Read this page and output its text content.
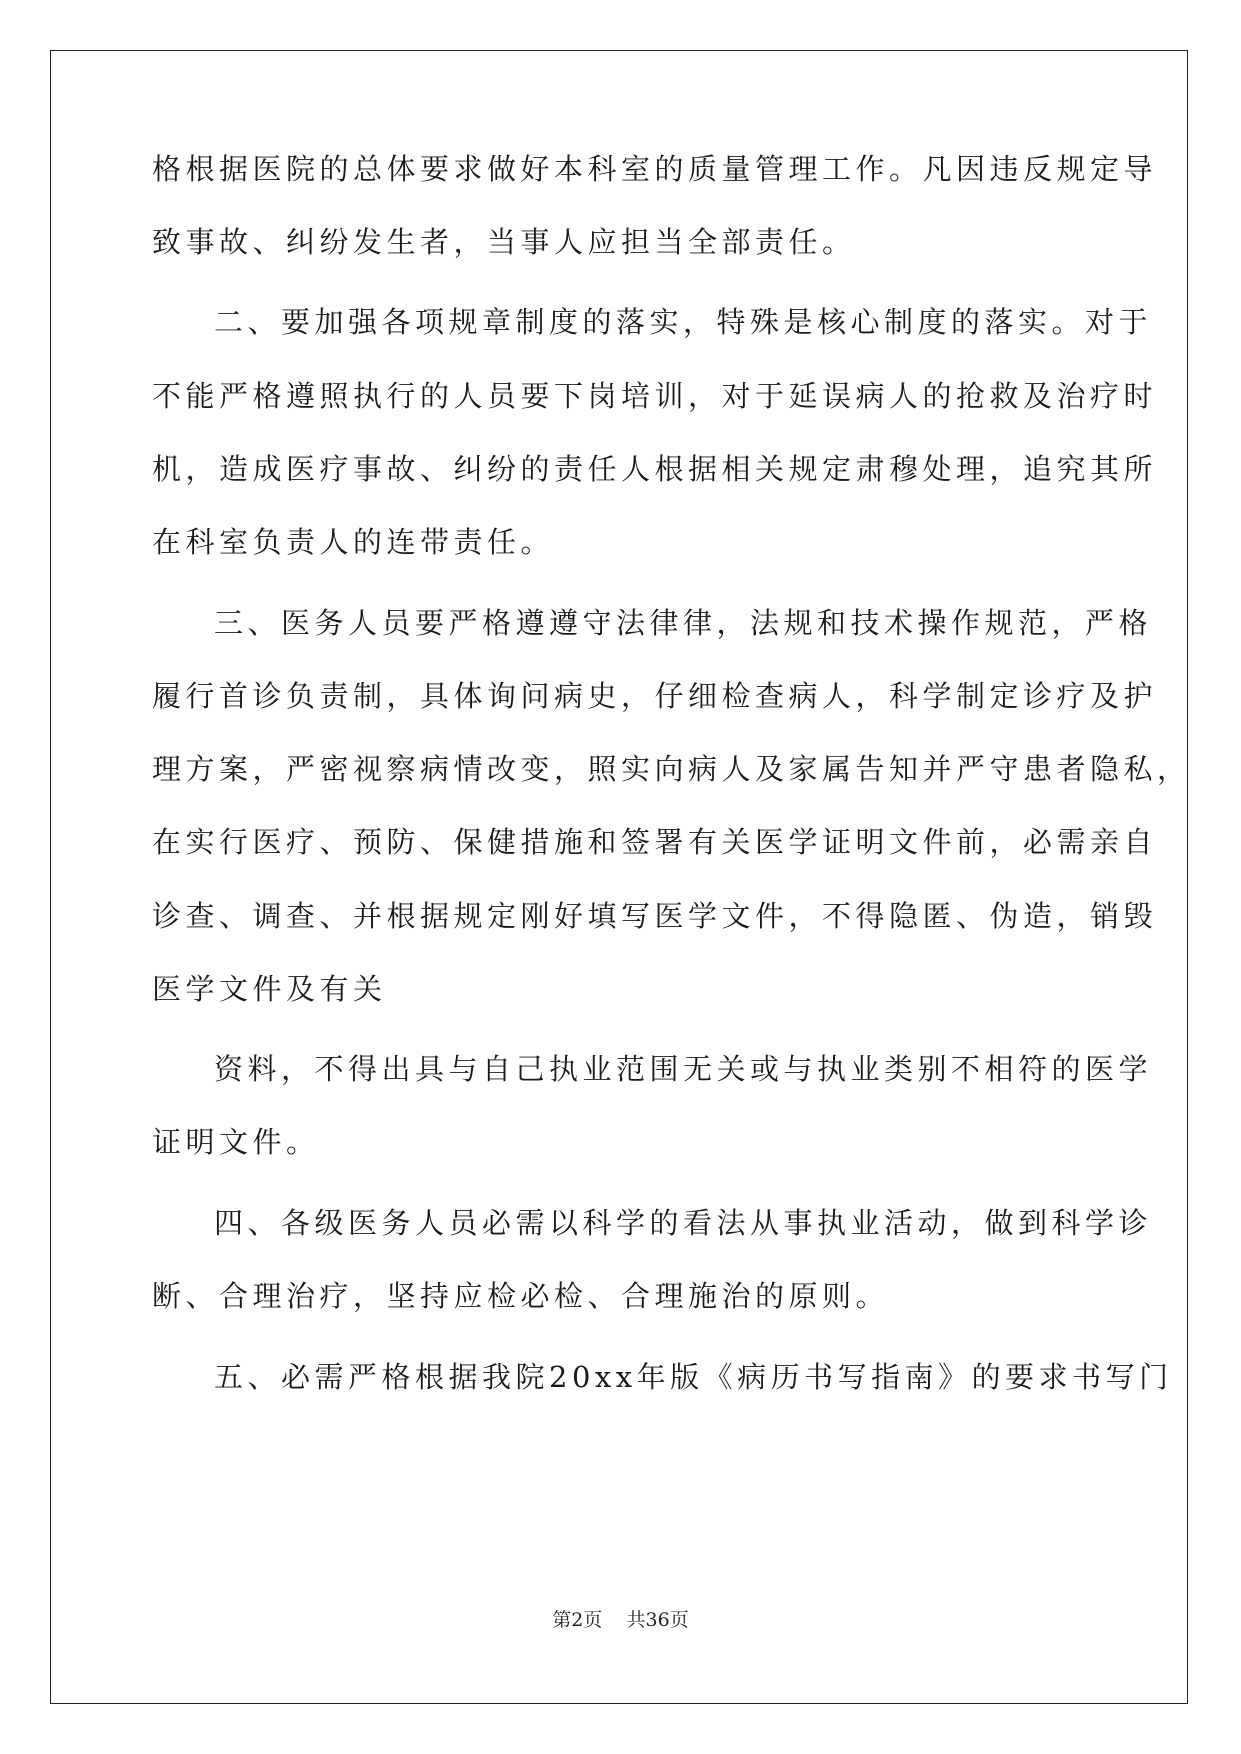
格根据医院的总体要求做好本科室的质量管理工作。凡因违反规定导
致事故、纠纷发生者，当事人应担当全部责任。
二、要加强各项规章制度的落实，特殊是核心制度的落实。对于
不能严格遵照执行的人员要下岗培训，对于延误病人的抢救及治疗时
机，造成医疗事故、纠纷的责任人根据相关规定肃穆处理，追究其所
在科室负责人的连带责任。
三、医务人员要严格遵遵守法律律，法规和技术操作规范，严格
履行首诊负责制，具体询问病史，仔细检查病人，科学制定诊疗及护
理方案，严密视察病情改变，照实向病人及家属告知并严守患者隐私，
在实行医疗、预防、保健措施和签署有关医学证明文件前，必需亲自
诊查、调查、并根据规定刚好填写医学文件，不得隐匿、伪造，销毁
医学文件及有关
资料，不得出具与自己执业范围无关或与执业类别不相符的医学
证明文件。
四、各级医务人员必需以科学的看法从事执业活动，做到科学诊
断、合理治疗，坚持应检必检、合理施治的原则。
五、必需严格根据我院20xx年版《病历书写指南》的要求书写门
第2页 共36页
